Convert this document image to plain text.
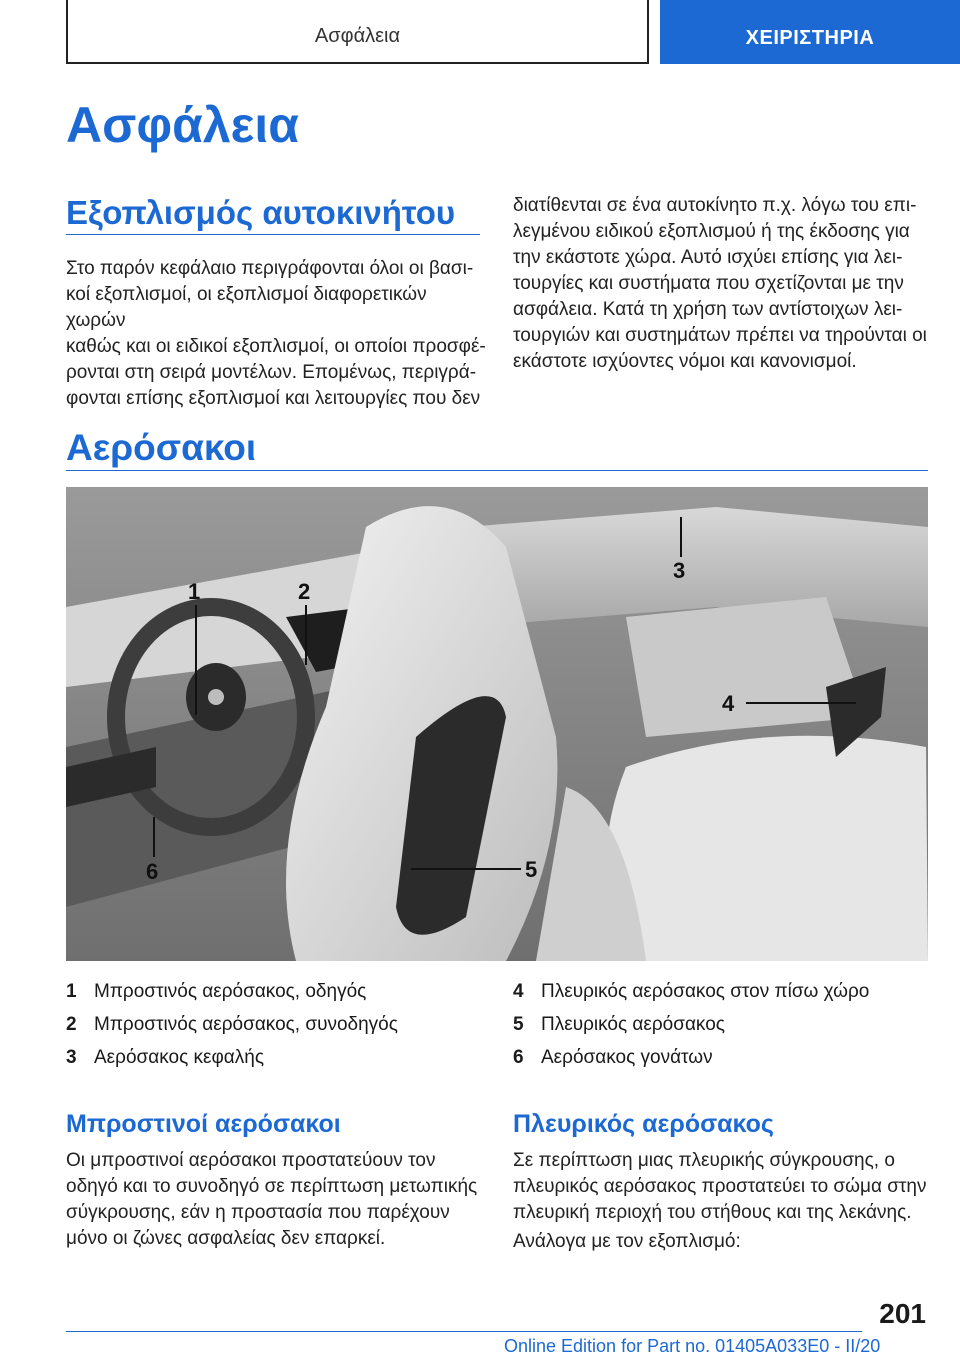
Ασφάλεια	ΧΕΙΡΙΣΤΗΡΙΑ
Ασφάλεια
Εξοπλισμός αυτοκινήτου
Στο παρόν κεφάλαιο περιγράφονται όλοι οι βασι-
κοί εξοπλισμοί, οι εξοπλισμοί διαφορετικών χωρών
καθώς και οι ειδικοί εξοπλισμοί, οι οποίοι προσφέ-
ρονται στη σειρά μοντέλων. Επομένως, περιγρά-
φονται επίσης εξοπλισμοί και λειτουργίες που δεν
διατίθενται σε ένα αυτοκίνητο π.χ. λόγω του επι-
λεγμένου ειδικού εξοπλισμού ή της έκδοσης για
την εκάστοτε χώρα. Αυτό ισχύει επίσης για λει-
τουργίες και συστήματα που σχετίζονται με την
ασφάλεια. Κατά τη χρήση των αντίστοιχων λει-
τουργιών και συστημάτων πρέπει να τηρούνται οι
εκάστοτε ισχύοντες νόμοι και κανονισμοί.
Αερόσακοι
1	2
3
4
5
6
1 Μπροστινός αερόσακος, οδηγός
2 Μπροστινός αερόσακος, συνοδηγός
3 Αερόσακος κεφαλής
4 Πλευρικός αερόσακος στον πίσω χώρο
5 Πλευρικός αερόσακος
6 Αερόσακος γονάτων
Μπροστινοί αερόσακοι
Οι μπροστινοί αερόσακοι προστατεύουν τον
οδηγό και το συνοδηγό σε περίπτωση μετωπικής
σύγκρουσης, εάν η προστασία που παρέχουν
μόνο οι ζώνες ασφαλείας δεν επαρκεί.
Πλευρικός αερόσακος
Σε περίπτωση μιας πλευρικής σύγκρουσης, ο
πλευρικός αερόσακος προστατεύει το σώμα στην
πλευρική περιοχή του στήθους και της λεκάνης.
Ανάλογα με τον εξοπλισμό:
201
Online Edition for Part no. 01405A033E0 - II/20
